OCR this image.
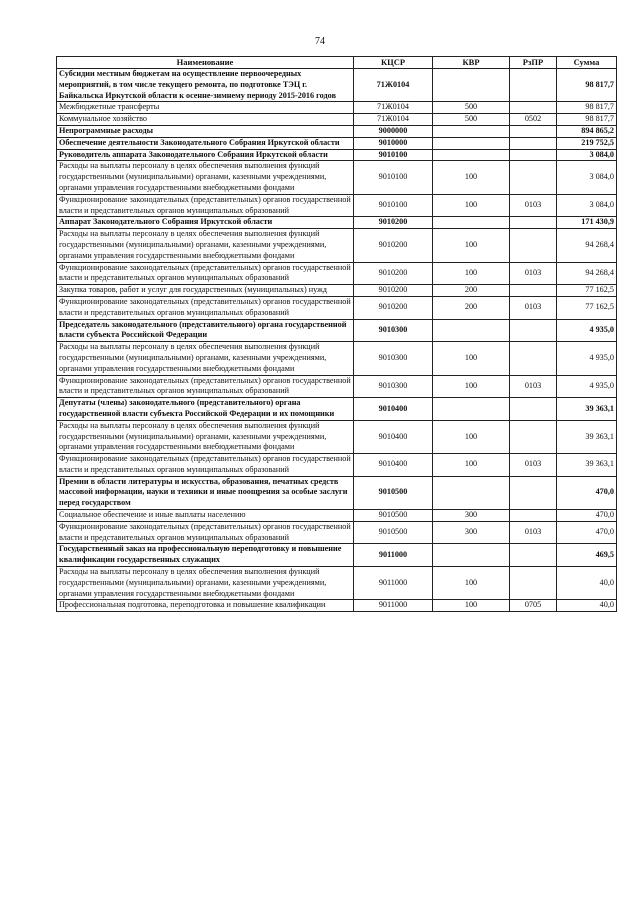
74
Наименование	КЦСР	КВР	РзПР	Сумма
Субсидии местным бюджетам на осуществление первоочередных мероприятий, в том числе текущего ремонта, по подготовке ТЭЦ г. Байкальска Иркутской области к осенне-зимнему периоду 2015-2016 годов	71Ж0104			98 817,7
Межбюджетные трансферты	71Ж0104	500		98 817,7
Коммунальное хозяйство	71Ж0104	500	0502	98 817,7
Непрограммные расходы	9000000			894 865,2
Обеспечение деятельности Законодательного Собрания Иркутской области	9010000			219 752,5
Руководитель аппарата Законодательного Собрания Иркутской области	9010100			3 084,0
Расходы на выплаты персоналу в целях обеспечения выполнения функций государственными (муниципальными) органами, казенными учреждениями, органами управления государственными внебюджетными фондами	9010100	100		3 084,0
Функционирование законодательных (представительных) органов государственной власти и представительных органов муниципальных образований	9010100	100	0103	3 084,0
Аппарат Законодательного Собрания Иркутской области	9010200			171 430,9
Расходы на выплаты персоналу в целях обеспечения выполнения функций государственными (муниципальными) органами, казенными учреждениями, органами управления государственными внебюджетными фондами	9010200	100		94 268,4
Функционирование законодательных (представительных) органов государственной власти и представительных органов муниципальных образований	9010200	100	0103	94 268,4
Закупка товаров, работ и услуг для государственных (муниципальных) нужд	9010200	200		77 162,5
Функционирование законодательных (представительных) органов государственной власти и представительных органов муниципальных образований	9010200	200	0103	77 162,5
Председатель законодательного (представительного) органа государственной власти субъекта Российской Федерации	9010300			4 935,0
Расходы на выплаты персоналу в целях обеспечения выполнения функций государственными (муниципальными) органами, казенными учреждениями, органами управления государственными внебюджетными фондами	9010300	100		4 935,0
Функционирование законодательных (представительных) органов государственной власти и представительных органов муниципальных образований	9010300	100	0103	4 935,0
Депутаты (члены) законодательного (представительного) органа государственной власти субъекта Российской Федерации и их помощники	9010400			39 363,1
Расходы на выплаты персоналу в целях обеспечения выполнения функций государственными (муниципальными) органами, казенными учреждениями, органами управления государственными внебюджетными фондами	9010400	100		39 363,1
Функционирование законодательных (представительных) органов государственной власти и представительных органов муниципальных образований	9010400	100	0103	39 363,1
Премии в области литературы и искусства, образования, печатных средств массовой информации, науки и техники и иные поощрения за особые заслуги перед государством	9010500			470,0
Социальное обеспечение и иные выплаты населению	9010500	300		470,0
Функционирование законодательных (представительных) органов государственной власти и представительных органов муниципальных образований	9010500	300	0103	470,0
Государственный заказ на профессиональную переподготовку и повышение квалификации государственных служащих	9011000			469,5
Расходы на выплаты персоналу в целях обеспечения выполнения функций государственными (муниципальными) органами, казенными учреждениями, органами управления государственными внебюджетными фондами	9011000	100		40,0
Профессиональная подготовка, переподготовка и повышение квалификации	9011000	100	0705	40,0
